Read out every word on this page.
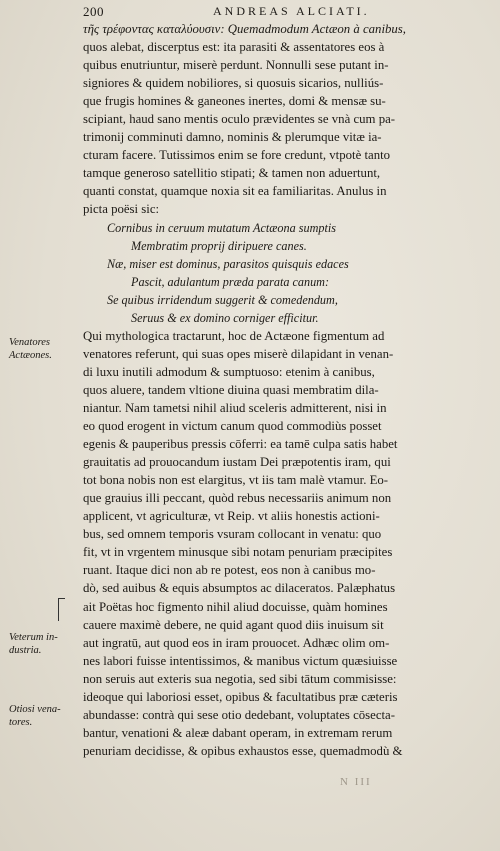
200	ANDREAS ALCIATI.
τῆς τρέφοντας καταλύουσιν: Quemadmodum Actæon à canibus,
quos alebat, discerptus est: ita parasiti & assentatores eos à
quibus enutriuntur, miserè perdunt. Nonnulli sese putant in-
signiores & quidem nobiliores, si quosuis sicarios, nulliús-
que frugis homines & ganeones inertes, domi & mensæ su-
scipiant, haud sano mentis oculo prævidentes se vnà cum pa-
trimonij comminuti damno, nominis & plerumque vitæ ia-
cturam facere. Tutissimos enim se fore credunt, vtpotè tanto
tamque generoso satellitio stipati; & tamen non aduertunt,
quanti constat, quamque noxia sit ea familiaritas. Anulus in
picta poësi sic:
Cornibus in ceruum mutatum Actæona sumptis
Membratim proprij diripuere canes.
Næ, miser est dominus, parasitos quisquis edaces
Pascit, adulantum præda parata canum:
Se quibus irridendum suggerit & comedendum,
Seruus & ex domino corniger efficitur.
Qui mythologica tractarunt, hoc de Actæone figmentum ad
venatores referunt, qui suas opes miserè dilapidant in venan-
di luxu inutili admodum & sumptuoso: etenim à canibus,
quos aluere, tandem vltione diuina quasi membratim dila-
niantur. Nam tametsi nihil aliud sceleris admitterent, nisi in
eo quod erogent in victum canum quod commodiùs posset
egenis & pauperibus pressis cōferri: ea tamē culpa satis habet
grauitatis ad prouocandum iustam Dei præpotentis iram, qui
tot bona nobis non est elargitus, vt iis tam malè vtamur. Eo-
que grauius illi peccant, quòd rebus necessariis animum non
applicent, vt agriculturæ, vt Reip. vt aliis honestis actioni-
bus, sed omnem temporis vsuram collocant in venatu: quo
fit, vt in vrgentem minusque sibi notam penuriam præcipites
ruant. Itaque dici non ab re potest, eos non à canibus mo-
dò, sed auibus & equis absumptos ac dilaceratos. Palæphatus
ait Poëtas hoc figmento nihil aliud docuisse, quàm homines
cauere maximè debere, ne quid agant quod diis inuisum sit
aut ingratū, aut quod eos in iram prouocet. Adhæc olim om-
nes labori fuisse intentissimos, & manibus victum quæsiuisse
non seruis aut exteris sua negotia, sed sibi tātum commisisse:
ideoque qui laboriosi esset, opibus & facultatibus præ cæteris
abundasse: contrà qui sese otio dedebant, voluptates cōsecta-
bantur, venationi & aleæ dabant operam, in extremam rerum
penuriam decidisse, & opibus exhaustos esse, quemadmodù &
Venatores
Actæones.
Veterum in-
dustria.
Otiosi vena-
tores.
N III
